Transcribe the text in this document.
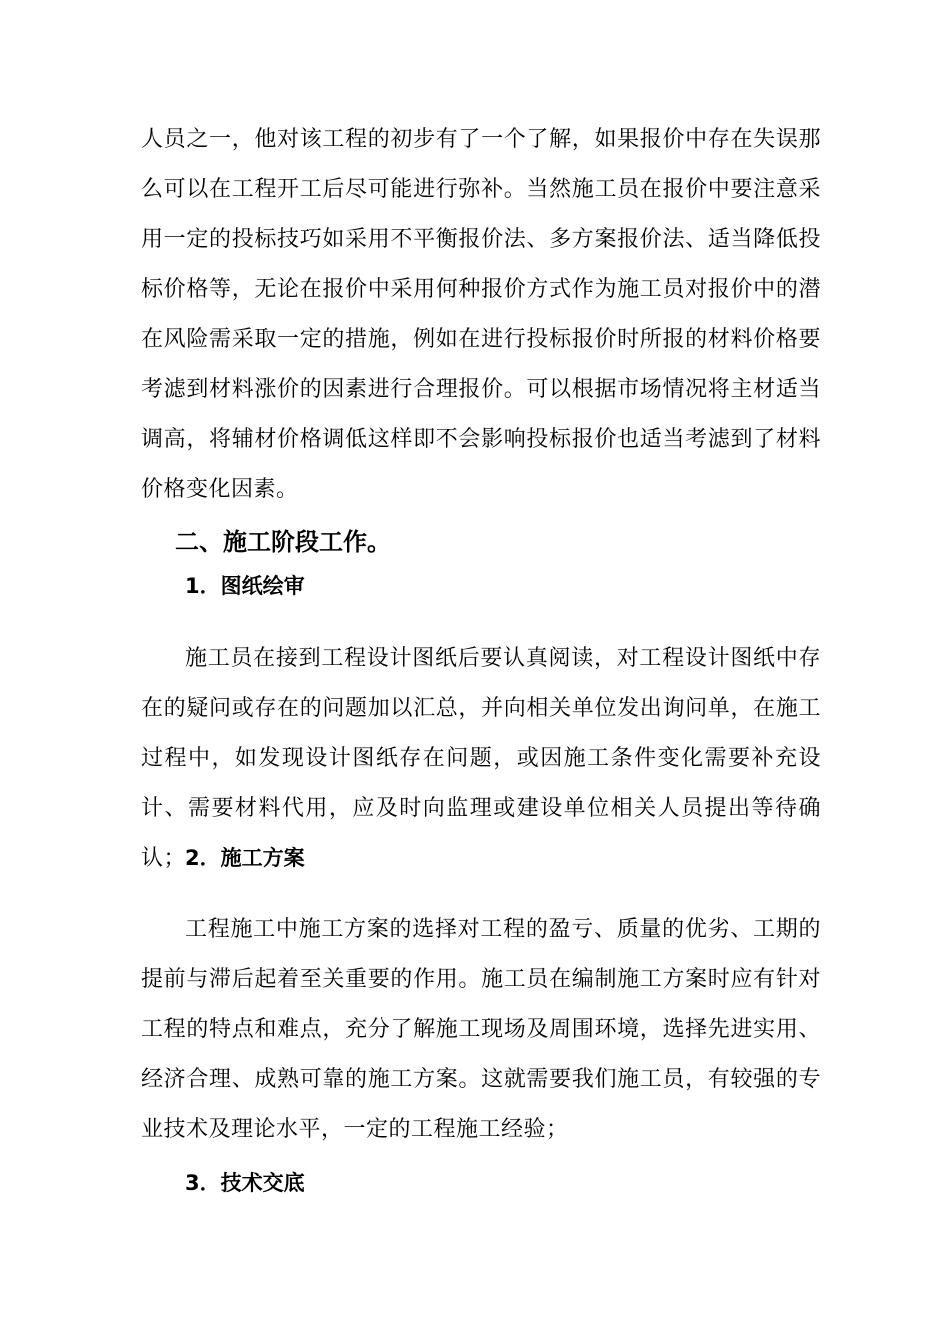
人员之一，他对该工程的初步有了一个了解，如果报价中存在失误那么可以在工程开工后尽可能进行弥补。当然施工员在报价中要注意采用一定的投标技巧如采用不平衡报价法、多方案报价法、适当降低投标价格等，无论在报价中采用何种报价方式作为施工员对报价中的潜在风险需采取一定的措施，例如在进行投标报价时所报的材料价格要考滤到材料涨价的因素进行合理报价。可以根据市场情况将主材适当调高，将辅材价格调低这样即不会影响投标报价也适当考滤到了材料价格变化因素。

二、施工阶段工作。
1．图纸绘审

施工员在接到工程设计图纸后要认真阅读，对工程设计图纸中存在的疑问或存在的问题加以汇总，并向相关单位发出询问单，在施工过程中，如发现设计图纸存在问题，或因施工条件变化需要补充设计、需要材料代用，应及时向监理或建设单位相关人员提出等待确认；

2．施工方案

工程施工中施工方案的选择对工程的盈亏、质量的优劣、工期的提前与滞后起着至关重要的作用。施工员在编制施工方案时应有针对工程的特点和难点，充分了解施工现场及周围环境，选择先进实用、经济合理、成熟可靠的施工方案。这就需要我们施工员，有较强的专业技术及理论水平，一定的工程施工经验；

3．技术交底
